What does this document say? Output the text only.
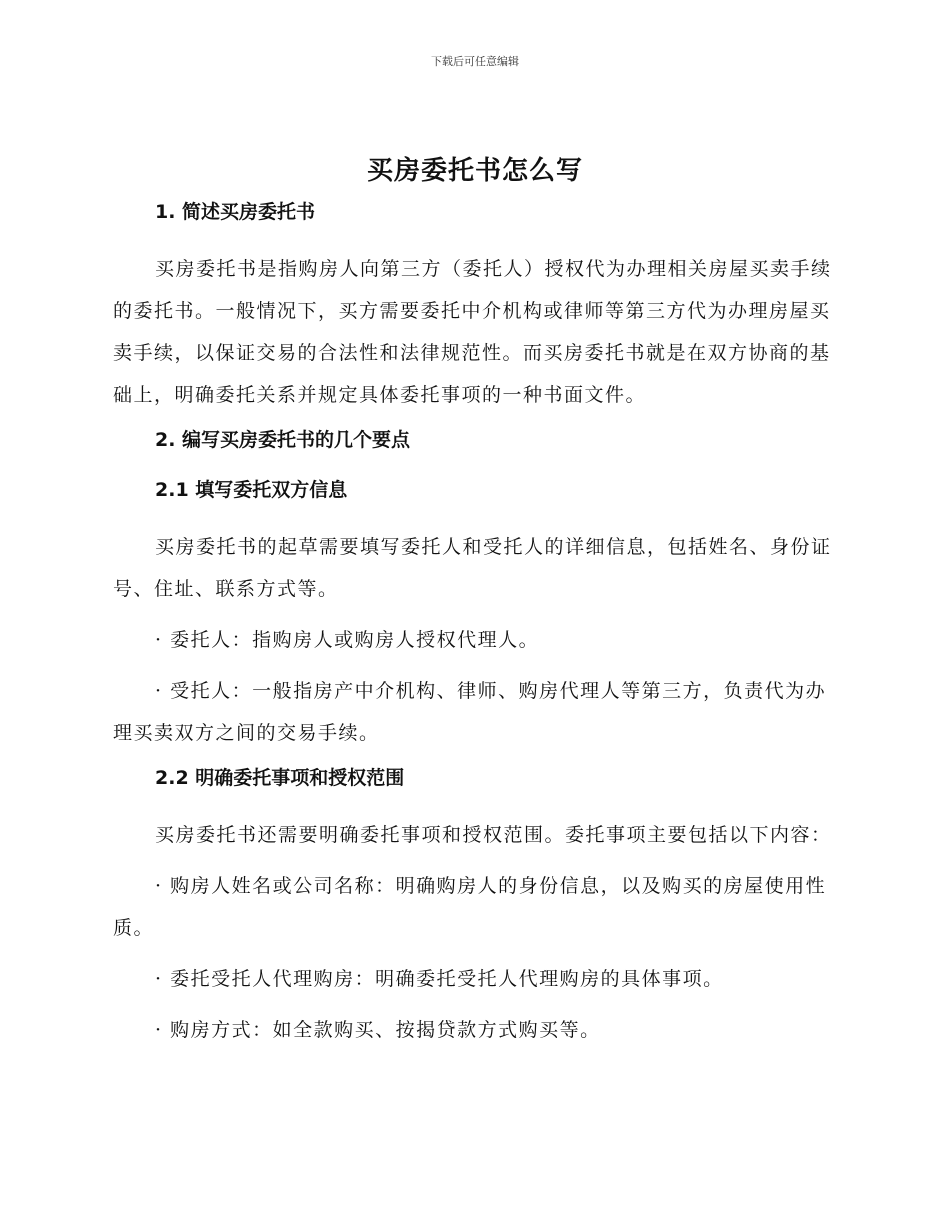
下载后可任意编辑
买房委托书怎么写
1. 简述买房委托书

买房委托书是指购房人向第三方（委托人）授权代为办理相关房屋买卖手续的委托书。一般情况下，买方需要委托中介机构或律师等第三方代为办理房屋买卖手续，以保证交易的合法性和法律规范性。而买房委托书就是在双方协商的基础上，明确委托关系并规定具体委托事项的一种书面文件。

2. 编写买房委托书的几个要点
2.1 填写委托双方信息

买房委托书的起草需要填写委托人和受托人的详细信息，包括姓名、身份证号、住址、联系方式等。

· 委托人：指购房人或购房人授权代理人。

· 受托人：一般指房产中介机构、律师、购房代理人等第三方，负责代为办理买卖双方之间的交易手续。

2.2 明确委托事项和授权范围

买房委托书还需要明确委托事项和授权范围。委托事项主要包括以下内容：

· 购房人姓名或公司名称：明确购房人的身份信息，以及购买的房屋使用性质。

· 委托受托人代理购房：明确委托受托人代理购房的具体事项。

· 购房方式：如全款购买、按揭贷款方式购买等。
